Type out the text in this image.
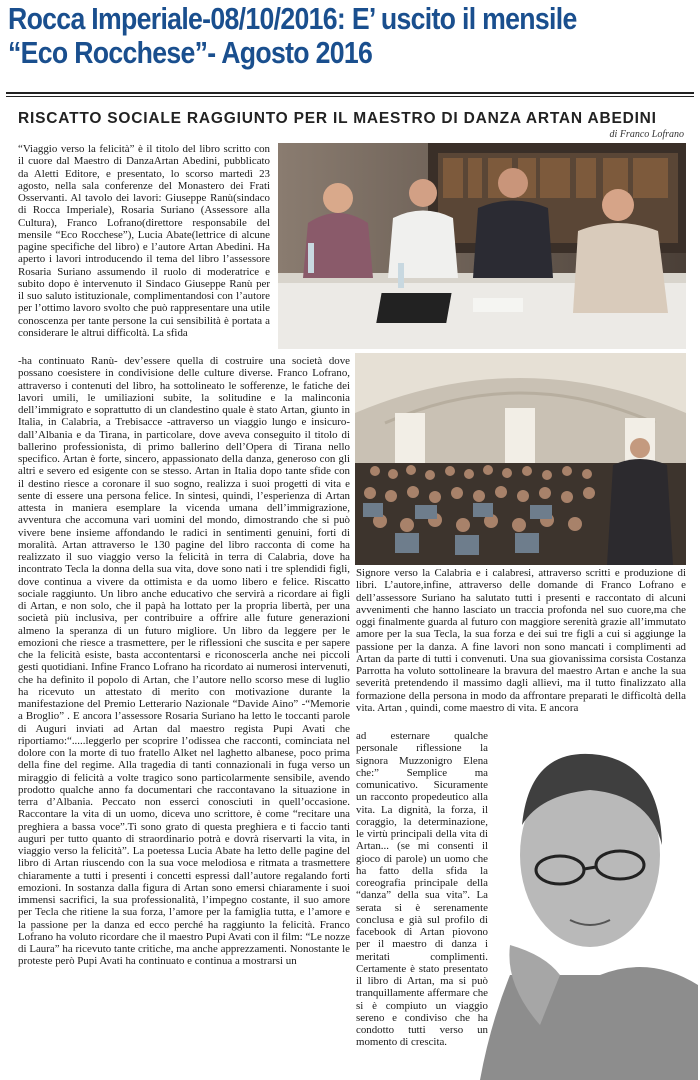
Rocca Imperiale-08/10/2016: E’ uscito il mensile
“Eco Rocchese”- Agosto 2016
RISCATTO SOCIALE RAGGIUNTO PER IL MAESTRO DI DANZA ARTAN ABEDINI
di Franco Lofrano

“Viaggio verso la felicità” è il titolo del libro scritto con il cuore dal Maestro di DanzaArtan Abedini, pubblicato da Aletti Editore, e presentato, lo scorso martedì 23 agosto, nella sala conferenze del Monastero dei Frati Osservanti. Al tavolo dei lavori: Giuseppe Ranù(sindaco di Rocca Imperiale), Rosaria Suriano (Assessore alla Cultura), Franco Lofrano(direttore responsabile del mensile “Eco Rocchese”), Lucia Abate(lettrice di alcune pagine specifiche del libro) e l’autore Artan Abedini. Ha aperto i lavori introducendo il tema del libro l’assessore Rosaria Suriano assumendo il ruolo di moderatrice e subito dopo è intervenuto il Sindaco Giuseppe Ranù per il suo saluto istituzionale, complimentandosi con l’autore per l’ottimo lavoro svolto che può rappresentare una utile conoscenza per tante persone la cui sensibilità è portata a considerare le altrui difficoltà. La sfida

-ha continuato Ranù- dev’essere quella di costruire una società dove possano coesistere in condivisione delle culture diverse. Franco Lofrano, attraverso i contenuti del libro, ha sottolineato le sofferenze, le fatiche dei lavori umili, le umiliazioni subite, la solitudine e la malinconia dell’immigrato e soprattutto di un clandestino quale è stato Artan, giunto in Italia, in Calabria, a Trebisacce -attraverso un viaggio lungo e insicuro- dall’Albania e da Tirana, in particolare, dove aveva conseguito il titolo di ballerino professionista, di primo ballerino dell’Opera di Tirana nello specifico. Artan è forte, sincero, appassionato della danza, generoso con gli altri e severo ed esigente con se stesso. Artan in Italia dopo tante sfide con il destino riesce a coronare il suo sogno, realizza i suoi progetti di vita e sente di essere una persona felice. In sintesi, quindi, l’esperienza di Artan attesta in maniera esemplare la vicenda umana dell’immigrazione, avventura che accomuna vari uomini del mondo, dimostrando che si può vivere bene insieme affondando le radici in sentimenti genuini, forti di moralità. Artan attraverso le 130 pagine del libro racconta di come ha realizzato il suo viaggio verso la felicità in terra di Calabria, dove ha incontrato Tecla la donna della sua vita, dove sono nati i tre splendidi figli, dove continua a vivere da ottimista e da uomo libero e felice. Riscatto sociale raggiunto. Un libro anche educativo che servirà a ricordare ai figli di Artan, e non solo, che il papà ha lottato per la propria libertà, per una società più inclusiva, per contribuire a offrire alle future generazioni almeno la speranza di un futuro migliore. Un libro da leggere per le emozioni che riesce a trasmettere, per le riflessioni che suscita e per sapere che la felicità esiste, basta accontentarsi e riconoscerla anche nei piccoli gesti quotidiani. Infine Franco Lofrano ha ricordato ai numerosi intervenuti, che ha definito il popolo di Artan, che l’autore nello scorso mese di luglio ha ricevuto un attestato di merito con motivazione durante la manifestazione del Premio Letterario Nazionale “Davide Aino” -“Memorie a Broglio” . E ancora l’assessore Rosaria Suriano ha letto le toccanti parole di Auguri inviati ad Artan dal maestro regista Pupi Avati che riportiamo:“.....leggerlo per scoprire l’odissea che racconti, cominciata nel dolore con la morte di tuo fratello Alket nel laghetto albanese, poco prima della fine del regime. Alla tragedia di tanti connazionali in fuga verso un miraggio di felicità a volte tragico sono particolarmente sensibile, avendo prodotto qualche anno fa documentari che raccontavano la situazione in terra d’Albania. Peccato non esserci conosciuti in quell’occasione. Raccontare la vita di un uomo, diceva uno scrittore, è come “recitare una preghiera a bassa voce”.Ti sono grato di questa preghiera e ti faccio tanti auguri per tutto quanto di straordinario potrà e dovrà riservarti la vita, in viaggio verso la felicità”. La poetessa Lucia Abate ha letto delle pagine del libro di Artan riuscendo con la sua voce melodiosa e ritmata a trasmettere chiaramente a tutti i presenti i concetti espressi dall’autore regalando forti emozioni. In sostanza dalla figura di Artan sono emersi chiaramente i suoi immensi sacrifici, la sua professionalità, l’impegno costante, il suo amore per Tecla che ritiene la sua forza, l’amore per la famiglia tutta, e l’amore e la passione per la danza ed ecco perché ha raggiunto la felicità. Franco Lofrano ha voluto ricordare che il maestro Pupi Avati con il film: “Le nozze di Laura” ha ricevuto tante critiche, ma anche apprezzamenti. Nonostante le proteste però Pupi Avati ha continuato e continua a mostrarsi un

Signore verso la Calabria e i calabresi, attraverso scritti e produzione di libri. L’autore,infine, attraverso delle domande di Franco Lofrano e dell’assessore Suriano ha salutato tutti i presenti e raccontato di alcuni avvenimenti che hanno lasciato un traccia profonda nel suo cuore,ma che oggi finalmente guarda al futuro con maggiore serenità grazie all’immutato amore per la sua Tecla, la sua forza e dei sui tre figli a cui si aggiunge la passione per la danza. A fine lavori non sono mancati i complimenti ad Artan da parte di tutti i convenuti. Una sua giovanissima corsista Costanza Parrotta ha voluto sottolineare la bravura del maestro Artan e anche la sua severità pretendendo il massimo dagli allievi, ma il tutto finalizzato alla formazione della persona in modo da affrontare preparati le difficoltà della vita. Artan , quindi, come maestro di vita. E ancora

ad esternare qualche personale riflessione la signora Muzzonigro Elena che:” Semplice ma comunicativo. Sicuramente un racconto propedeutico alla vita. La dignità, la forza, il coraggio, la determinazione, le virtù principali della vita di Artan... (se mi consenti il gioco di parole) un uomo che ha fatto della sfida la coreografia principale della “danza” della sua vita”. La serata si è serenamente conclusa e già sul profilo di facebook di Artan piovono per il maestro di danza i meritati complimenti. Certamente è stato presentato il libro di Artan, ma si può tranquillamente affermare che si è compiuto un viaggio sereno e condiviso che ha condotto tutti verso un momento di crescita.
